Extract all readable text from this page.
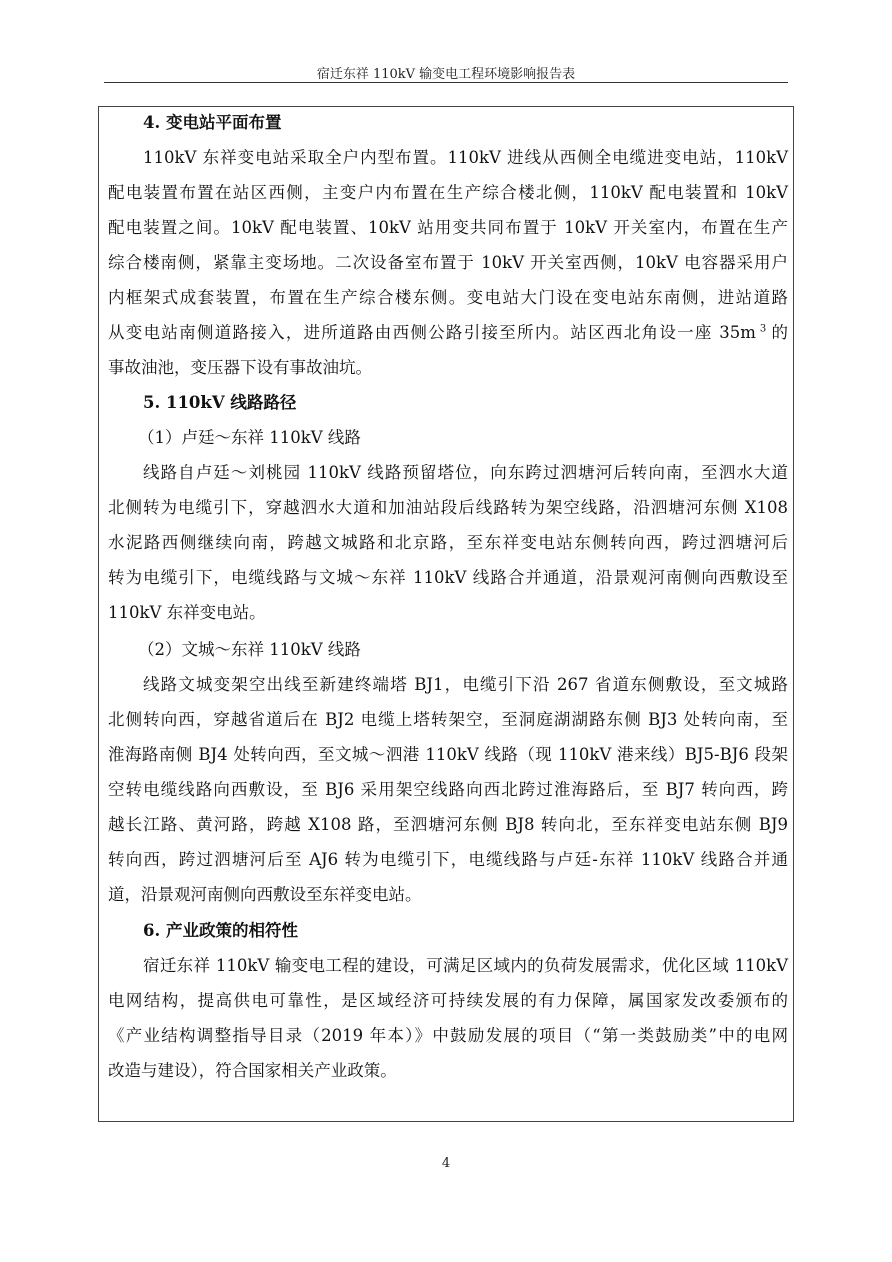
宿迁东祥 110kV 输变电工程环境影响报告表
4. 变电站平面布置
110kV 东祥变电站采取全户内型布置。110kV 进线从西侧全电缆进变电站，110kV
配电装置布置在站区西侧，主变户内布置在生产综合楼北侧，110kV 配电装置和 10kV
配电装置之间。10kV 配电装置、10kV 站用变共同布置于 10kV 开关室内，布置在生产
综合楼南侧，紧靠主变场地。二次设备室布置于 10kV 开关室西侧，10kV 电容器采用户
内框架式成套装置，布置在生产综合楼东侧。变电站大门设在变电站东南侧，进站道路
从变电站南侧道路接入，进所道路由西侧公路引接至所内。站区西北角设一座 35m $^3$ 的
事故油池，变压器下设有事故油坑。
5. 110kV 线路路径
（1）卢廷～东祥 110kV 线路
线路自卢廷～刘桃园 110kV 线路预留塔位，向东跨过泗塘河后转向南，至泗水大道
北侧转为电缆引下，穿越泗水大道和加油站段后线路转为架空线路，沿泗塘河东侧 X108
水泥路西侧继续向南，跨越文城路和北京路，至东祥变电站东侧转向西，跨过泗塘河后
转为电缆引下，电缆线路与文城～东祥 110kV 线路合并通道，沿景观河南侧向西敷设至
110kV 东祥变电站。
（2）文城～东祥 110kV 线路
线路文城变架空出线至新建终端塔 BJ1，电缆引下沿 267 省道东侧敷设，至文城路
北侧转向西，穿越省道后在 BJ2 电缆上塔转架空，至洞庭湖湖路东侧 BJ3 处转向南，至
淮海路南侧 BJ4 处转向西，至文城～泗港 110kV 线路（现 110kV 港来线）BJ5-BJ6 段架
空转电缆线路向西敷设，至 BJ6 采用架空线路向西北跨过淮海路后，至 BJ7 转向西，跨
越长江路、黄河路，跨越 X108 路，至泗塘河东侧 BJ8 转向北，至东祥变电站东侧 BJ9
转向西，跨过泗塘河后至 AJ6 转为电缆引下，电缆线路与卢廷-东祥 110kV 线路合并通
道，沿景观河南侧向西敷设至东祥变电站。
6. 产业政策的相符性
宿迁东祥 110kV 输变电工程的建设，可满足区域内的负荷发展需求，优化区域 110kV
电网结构，提高供电可靠性，是区域经济可持续发展的有力保障，属国家发改委颁布的
《产业结构调整指导目录（2019 年本）》中鼓励发展的项目（“第一类鼓励类”中的电网
改造与建设），符合国家相关产业政策。
4
